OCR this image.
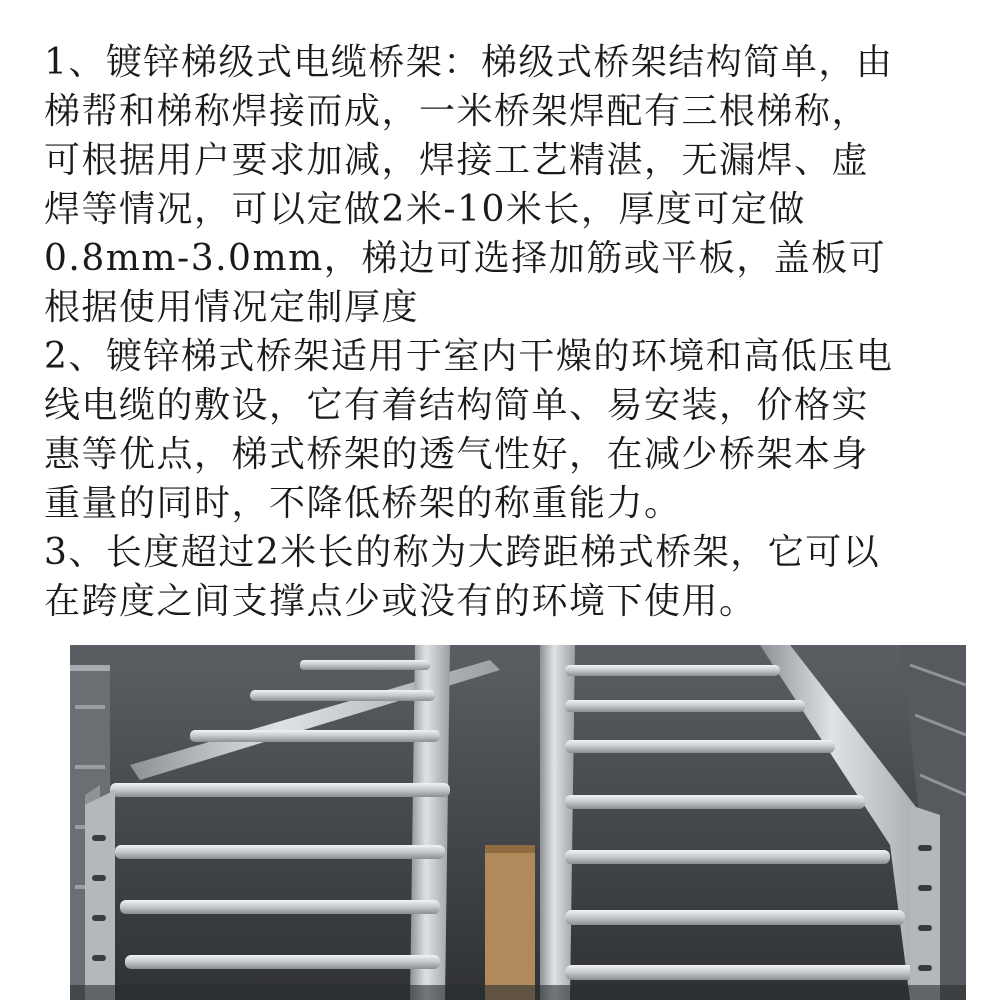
1、镀锌梯级式电缆桥架：梯级式桥架结构简单，由
梯帮和梯称焊接而成，一米桥架焊配有三根梯称，
可根据用户要求加减，焊接工艺精湛，无漏焊、虚
焊等情况，可以定做2米-10米长，厚度可定做
0.8mm-3.0mm，梯边可选择加筋或平板，盖板可
根据使用情况定制厚度
2、镀锌梯式桥架适用于室内干燥的环境和高低压电
线电缆的敷设，它有着结构简单、易安装，价格实
惠等优点，梯式桥架的透气性好，在减少桥架本身
重量的同时，不降低桥架的称重能力。
3、长度超过2米长的称为大跨距梯式桥架，它可以
在跨度之间支撑点少或没有的环境下使用。
